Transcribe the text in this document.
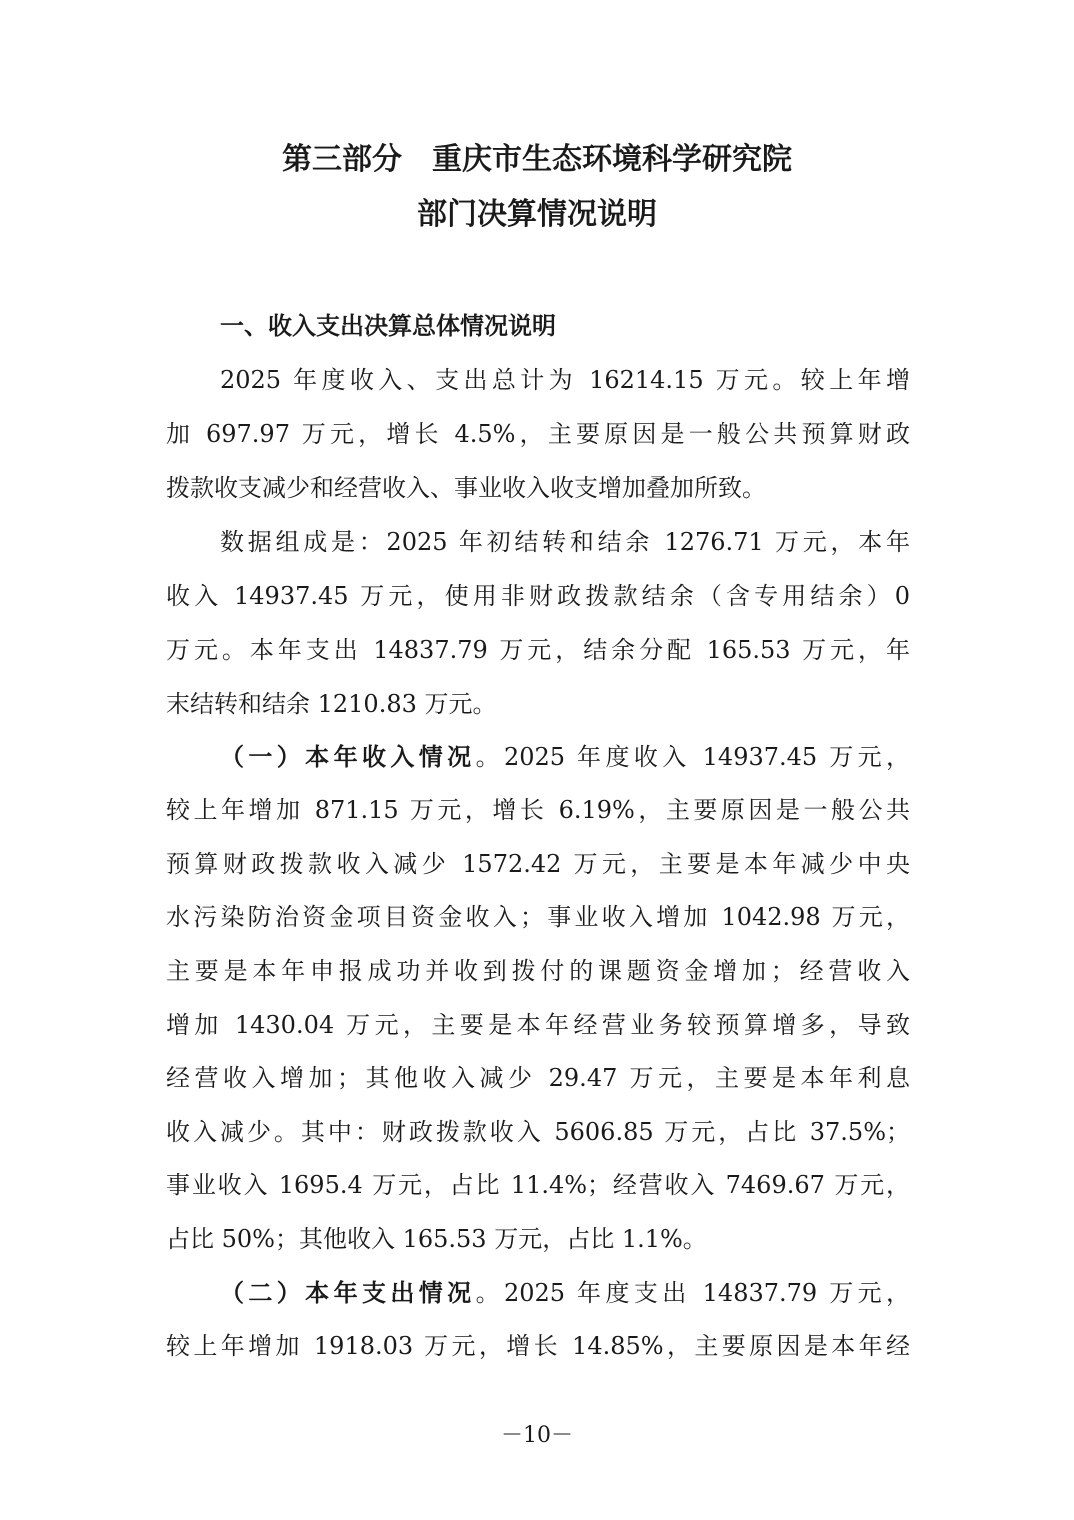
第三部分　重庆市生态环境科学研究院
部门决算情况说明
一、收入支出决算总体情况说明
2025 年度收入、支出总计为 16214.15 万元。较上年增
加 697.97 万元，增长 4.5%，主要原因是一般公共预算财政
拨款收支减少和经营收入、事业收入收支增加叠加所致。
数据组成是：2025 年初结转和结余 1276.71 万元，本年
收入 14937.45 万元，使用非财政拨款结余（含专用结余）0
万元。本年支出 14837.79 万元，结余分配 165.53 万元，年
末结转和结余 1210.83 万元。
（一）本年收入情况。2025 年度收入 14937.45 万元，
较上年增加 871.15 万元，增长 6.19%，主要原因是一般公共
预算财政拨款收入减少 1572.42 万元，主要是本年减少中央
水污染防治资金项目资金收入；事业收入增加 1042.98 万元，
主要是本年申报成功并收到拨付的课题资金增加；经营收入
增加 1430.04 万元，主要是本年经营业务较预算增多，导致
经营收入增加；其他收入减少 29.47 万元，主要是本年利息
收入减少。其中：财政拨款收入 5606.85 万元，占比 37.5%；
事业收入 1695.4 万元，占比 11.4%；经营收入 7469.67 万元，
占比 50%；其他收入 165.53 万元，占比 1.1%。
（二）本年支出情况。2025 年度支出 14837.79 万元，
较上年增加 1918.03 万元，增长 14.85%，主要原因是本年经
－10－
